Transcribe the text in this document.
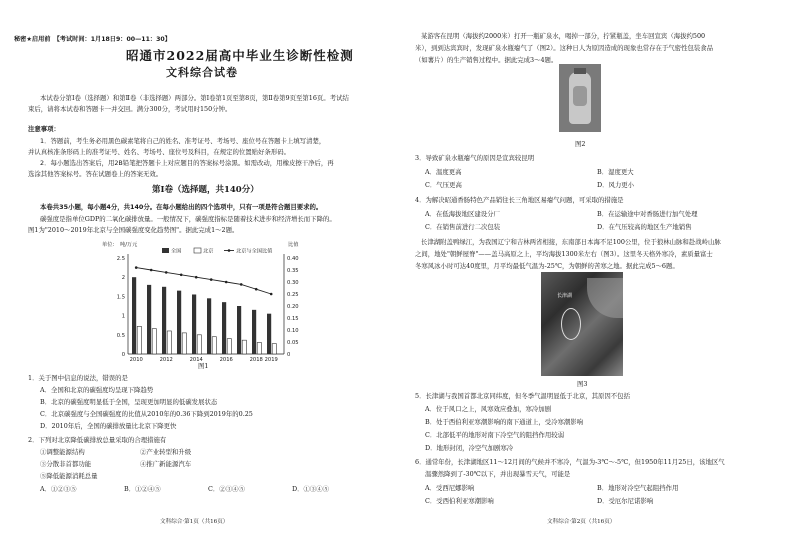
秘密★启用前　【考试时间：1月18日9：00—11：30】
昭通市2022届高中毕业生诊断性检测
文科综合试卷
本试卷分第Ⅰ卷（选择题）和第Ⅱ卷（非选择题）两部分。第Ⅰ卷第1页至第8页，第Ⅱ卷第9页至第16页。考试结
束后，请将本试卷和答题卡一并交回。满分300分，考试用时150分钟。
注意事项：
1．答题前，考生务必用黑色碳素笔将自己的姓名、准考证号、考场号、座位号在答题卡上填写清楚，
并认真核准条形码上的准考证号、姓名、考场号、座位号及科目，在规定的位置贴好条形码。
2．每小题选出答案后，用2B铅笔把答题卡上对应题目的答案标号涂黑。如需改动，用橡皮擦干净后，再
选涂其他答案标号。答在试题卷上的答案无效。
第Ⅰ卷（选择题，共140分）
本卷共35小题，每小题4分，共140分。在每小题给出的四个选项中，只有一项是符合题目要求的。
碳强度是指单位GDP的二氧化碳排放量。一般情况下，碳强度指标是随着技术进步和经济增长而下降的。
图1为"2010～2019年北京与全国碳强度变化趋势图"。据此完成1～2题。
单位： 吨/万元	比值
2.5
2
1.5
1
0.5
0
0.40
0.35
0.30
0.25
0.20
0.15
0.10
0.05
0
2010	2012	2014	2016	2018 2019
全国	北京	北京与全国比值
图1
1．关于图中信息的说法，错误的是
A．全国和北京的碳强度均呈现下降趋势
B．北京的碳强度明显低于全国，呈现更加明显的低碳发展状态
C．北京碳强度与全国碳强度的比值从2010年的0.36下降到2019年的0.25
D．2010年后，全国的碳排放量比北京下降更快
2．下列对北京降低碳排放总量采取的合理措施有
①调整能源结构	②产业转型和升级
③分散非首都功能	④推广新能源汽车
⑤降低能源消耗总量
A．①②③⑤	B．①②④⑤	C．②③④⑤	D．①③④⑤
文科综合·第1页（共16页）
某游客在昆明（海拔约2000米）打开一瓶矿泉水，喝掉一部分，拧紧瓶盖，坐车回宣宾（海拔约500
米），到到达宾宾时，发现矿泉水瓶瘪气了（图2）。这种日人为原因造成的现象也常存在于气密性包装食品
（如薯片）的生产销售过程中。据此完成3～4题。
图2
3．导致矿泉水瓶瘪气的原因是宣宾较昆明
A．温度更高	B．湿度更大
C．气压更高	D．风力更小
4．为解决昭通香肠特色产品销往长三角地区易瘪气问题，可采取的措施是
A．在低海拔地区建设分厂	B．在运输途中对香肠进行加气处理
C．在销售前进行二次包装	D．在气压较高的地区生产地销售
长津湖附盖鸭绿江，为我国辽宁和吉林两省相接，东南部日本海不足100公里，位于狼林山脉和赴战岭山脉
之间，地处"朝鲜屋脊"——盖马高原之上，平均海拔1300米左右（图3）。这里冬天格外寒冷，素质量富士
冬寒风冰小时可达40度里，月平均最低气温为-25℃，为朝鲜的苦寒之地。据此完成5～6题。
长津湖
图3
5．长津湖与我国首都北京同纬度，但冬季气温明显低于北京，其原因不包括
A．位于风口之上，风寒效应叠加，寒冷加剧
B．处于西伯利亚寒潮影响的南下通道上，受冷寒潮影响
C．北部低平的地形对南下冷空气的阻挡作用较弱
D．地形封闭，冷空气加剧寒冷
6．通常年份，长津湖地区11～12月间的气候并不寒冷，气温为-3℃～-5℃，但1950年11月25日，该地区气
温骤然降到了-30℃以下，并出现暴雪天气，可能是
A．受西尼娜影响	B．地形对冷空气起阻挡作用
C．受西伯利亚寒潮影响	D．受厄尔尼诺影响
文科综合·第2页（共16页）
